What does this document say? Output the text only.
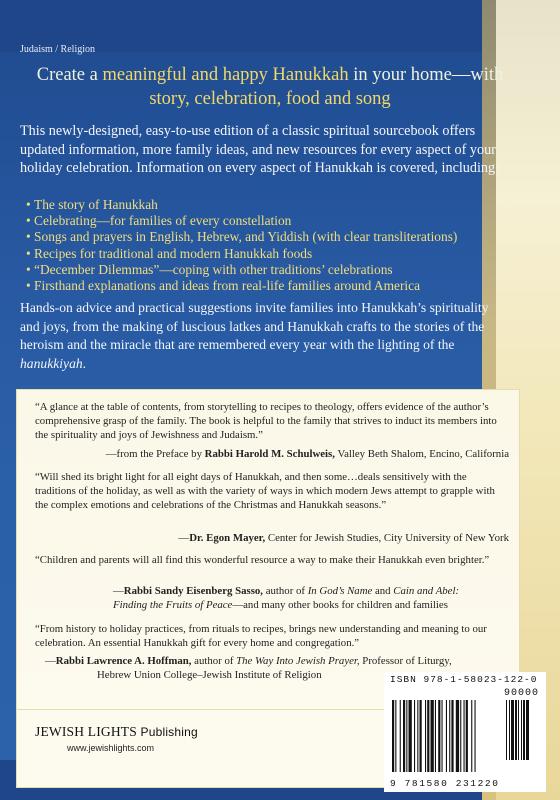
Judaism / Religion
Create a meaningful and happy Hanukkah in your home—with story, celebration, food and song
This newly-designed, easy-to-use edition of a classic spiritual sourcebook offers updated information, more family ideas, and new resources for every aspect of your holiday celebration. Information on every aspect of Hanukkah is covered, including:
• The story of Hanukkah
• Celebrating—for families of every constellation
• Songs and prayers in English, Hebrew, and Yiddish (with clear transliterations)
• Recipes for traditional and modern Hanukkah foods
• “December Dilemmas”—coping with other traditions’ celebrations
• Firsthand explanations and ideas from real-life families around America
Hands-on advice and practical suggestions invite families into Hanukkah’s spirituality and joys, from the making of luscious latkes and Hanukkah crafts to the stories of the heroism and the miracle that are remembered every year with the lighting of the hanukkiyah.
“A glance at the table of contents, from storytelling to recipes to theology, offers evidence of the author’s comprehensive grasp of the family. The book is helpful to the family that strives to induct its members into the spirituality and joys of Jewishness and Judaism.”
—from the Preface by Rabbi Harold M. Schulweis, Valley Beth Shalom, Encino, California
“Will shed its bright light for all eight days of Hanukkah, and then some…deals sensitively with the traditions of the holiday, as well as with the variety of ways in which modern Jews attempt to grapple with the complex emotions and celebrations of the Christmas and Hanukkah seasons.”
—Dr. Egon Mayer, Center for Jewish Studies, City University of New York
“Children and parents will all find this wonderful resource a way to make their Hanukkah even brighter.”
—Rabbi Sandy Eisenberg Sasso, author of In God’s Name and Cain and Abel:
Finding the Fruits of Peace—and many other books for children and families
“From history to holiday practices, from rituals to recipes, brings new understanding and meaning to our celebration. An essential Hanukkah gift for every home and congregation.”
—Rabbi Lawrence A. Hoffman, author of The Way Into Jewish Prayer, Professor of Liturgy,
Hebrew Union College–Jewish Institute of Religion
JEWISH LIGHTS Publishing
www.jewishlights.com
ISBN 978-1-58023-122-0
90000
9 781580 231220
